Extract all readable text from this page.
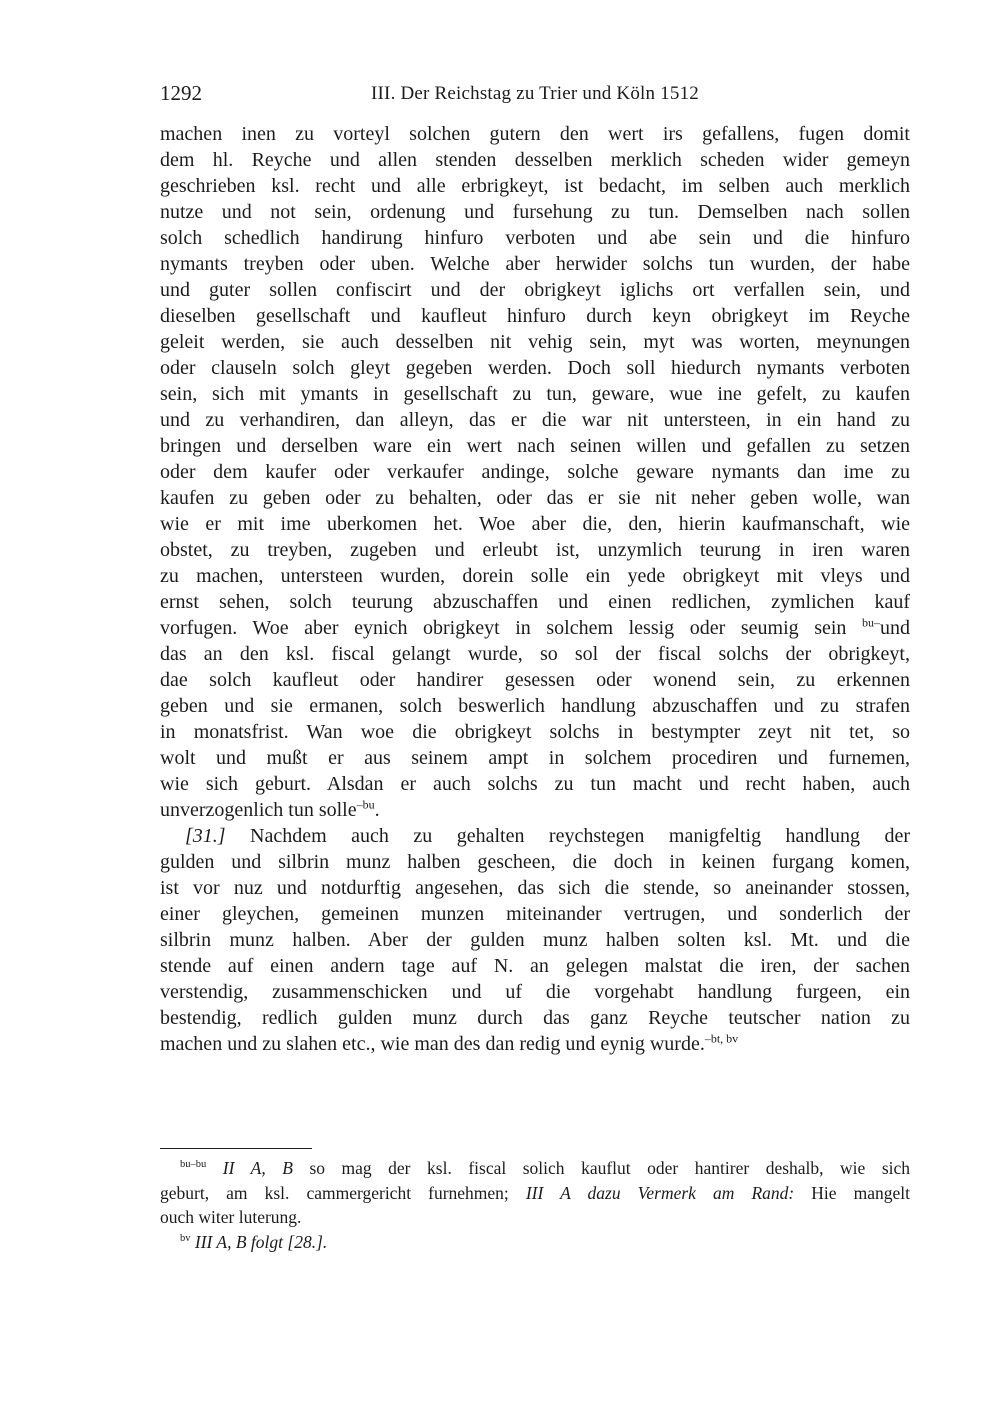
1292	III. Der Reichstag zu Trier und Köln 1512
machen inen zu vorteyl solchen gutern den wert irs gefallens, fugen domit
dem hl. Reyche und allen stenden desselben merklich scheden wider gemeyn
geschrieben ksl. recht und alle erbrigkeyt, ist bedacht, im selben auch merklich
nutze und not sein, ordenung und fursehung zu tun. Demselben nach sollen
solch schedlich handirung hinfuro verboten und abe sein und die hinfuro
nymants treyben oder uben. Welche aber herwider solchs tun wurden, der habe
und guter sollen confiscirt und der obrigkeyt iglichs ort verfallen sein, und
dieselben gesellschaft und kaufleut hinfuro durch keyn obrigkeyt im Reyche
geleit werden, sie auch desselben nit vehig sein, myt was worten, meynungen
oder clauseln solch gleyt gegeben werden. Doch soll hiedurch nymants verboten
sein, sich mit ymants in gesellschaft zu tun, geware, wue ine gefelt, zu kaufen
und zu verhandiren, dan alleyn, das er die war nit untersteen, in ein hand zu
bringen und derselben ware ein wert nach seinen willen und gefallen zu setzen
oder dem kaufer oder verkaufer andinge, solche geware nymants dan ime zu
kaufen zu geben oder zu behalten, oder das er sie nit neher geben wolle, wan
wie er mit ime uberkomen het. Woe aber die, den, hierin kaufmanschaft, wie
obstet, zu treyben, zugeben und erleubt ist, unzymlich teurung in iren waren
zu machen, untersteen wurden, dorein solle ein yede obrigkeyt mit vleys und
ernst sehen, solch teurung abzuschaffen und einen redlichen, zymlichen kauf
vorfugen. Woe aber eynich obrigkeyt in solchem lessig oder seumig sein $^{bu-}$und
das an den ksl. fiscal gelangt wurde, so sol der fiscal solchs der obrigkeyt,
dae solch kaufleut oder handirer gesessen oder wonend sein, zu erkennen
geben und sie ermanen, solch beswerlich handlung abzuschaffen und zu strafen
in monatsfrist. Wan woe die obrigkeyt solchs in bestympter zeyt nit tet, so
wolt und mußt er aus seinem ampt in solchem procediren und furnemen,
wie sich geburt. Alsdan er auch solchs zu tun macht und recht haben, auch
unverzogenlich tun solle$^{-bu}$.
[31.] Nachdem auch zu gehalten reychstegen manigfeltig handlung der
gulden und silbrin munz halben gescheen, die doch in keinen furgang komen,
ist vor nuz und notdurftig angesehen, das sich die stende, so aneinander stossen,
einer gleychen, gemeinen munzen miteinander vertrugen, und sonderlich der
silbrin munz halben. Aber der gulden munz halben solten ksl. Mt. und die
stende auf einen andern tage auf N. an gelegen malstat die iren, der sachen
verstendig, zusammenschicken und uf die vorgehabt handlung furgeen, ein
bestendig, redlich gulden munz durch das ganz Reyche teutscher nation zu
machen und zu slahen etc., wie man des dan redig und eynig wurde.$^{-bt, bv}$
$^{bu-bu}$ II A, B so mag der ksl. fiscal solich kauflut oder hantirer deshalb, wie sich
geburt, am ksl. cammergericht furnehmen; III A dazu Vermerk am Rand: Hie mangelt
ouch witer luterung.
$^{bv}$ III A, B folgt [28.].
